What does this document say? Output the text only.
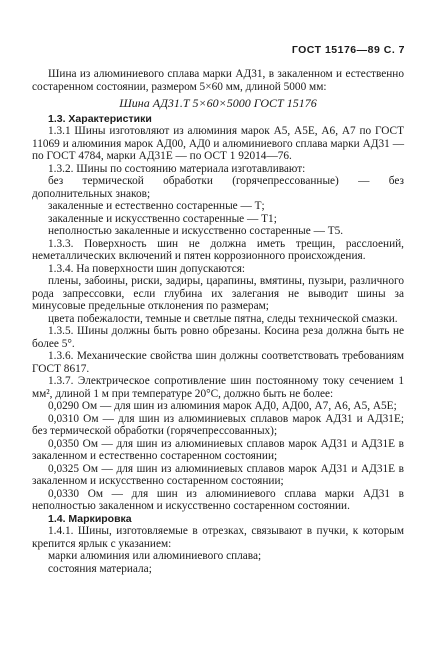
ГОСТ 15176—89 С. 7

Шина из алюминиевого сплава марки АД31, в закаленном и естественно состаренном состоянии, размером 5×60 мм, длиной 5000 мм:

Шина АД31.Т 5×60×5000 ГОСТ 15176

1.3. Характеристики

1.3.1 Шины изготовляют из алюминия марок А5, А5Е, А6, А7 по ГОСТ 11069 и алюминия марок АД00, АД0 и алюминиевого сплава марки АД31 — по ГОСТ 4784, марки АД31Е — по ОСТ 1 92014—76.

1.3.2. Шины по состоянию материала изготавливают:

без термической обработки (горячепрессованные) — без дополнительных знаков;

закаленные и естественно состаренные — Т;

закаленные и искусственно состаренные — Т1;

неполностью закаленные и искусственно состаренные — Т5.

1.3.3. Поверхность шин не должна иметь трещин, расслоений, неметаллических включений и пятен коррозионного происхождения.

1.3.4. На поверхности шин допускаются:

плены, забоины, риски, задиры, царапины, вмятины, пузыри, различного рода запрессовки, если глубина их залегания не выводит шины за минусовые предельные отклонения по размерам;

цвета побежалости, темные и светлые пятна, следы технической смазки.

1.3.5. Шины должны быть ровно обрезаны. Косина реза должна быть не более 5°.

1.3.6. Механические свойства шин должны соответствовать требованиям ГОСТ 8617.

1.3.7. Электрическое сопротивление шин постоянному току сечением 1 мм², длиной 1 м при температуре 20°С, должно быть не более:

0,0290 Ом — для шин из алюминия марок АД0, АД00, А7, А6, А5, А5Е;

0,0310 Ом — для шин из алюминиевых сплавов марок АД31 и АД31Е; без термической обработки (горячепрессованных);

0,0350 Ом — для шин из алюминиевых сплавов марок АД31 и АД31Е в закаленном и естественно состаренном состоянии;

0,0325 Ом — для шин из алюминиевых сплавов марок АД31 и АД31Е в закаленном и искусственно состаренном состоянии;

0,0330 Ом — для шин из алюминиевого сплава марки АД31 в неполностью закаленном и искусственно состаренном состоянии.

1.4. Маркировка

1.4.1. Шины, изготовляемые в отрезках, связывают в пучки, к которым крепится ярлык с указанием:

марки алюминия или алюминиевого сплава;

состояния материала;
